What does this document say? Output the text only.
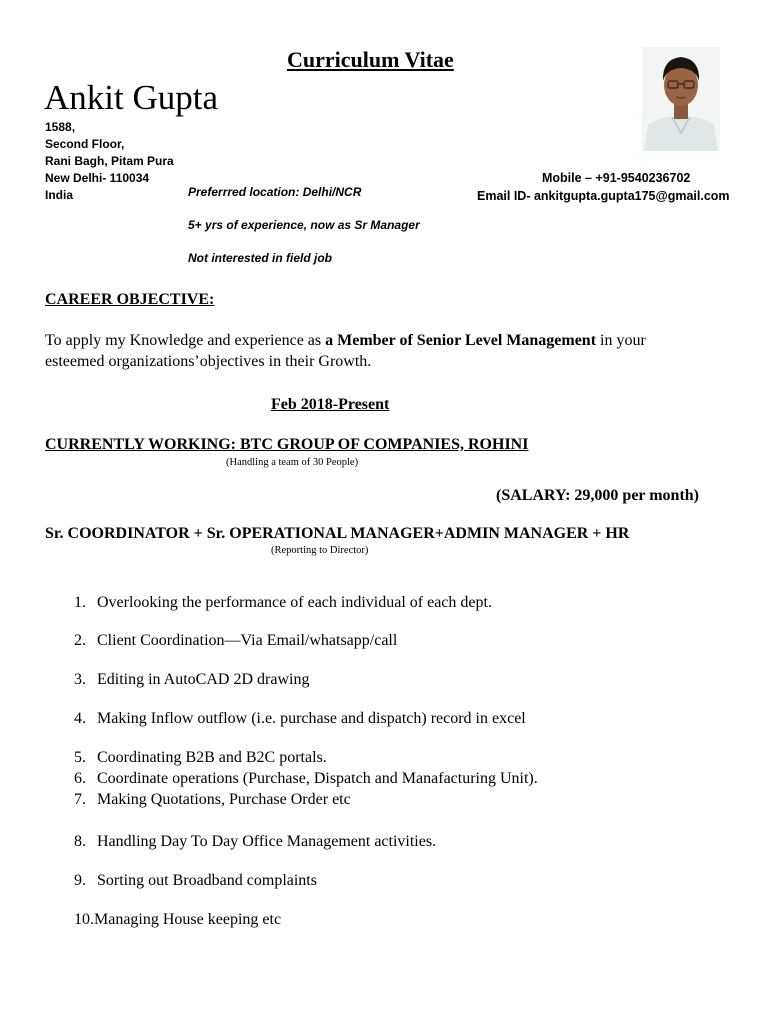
Curriculum Vitae
Ankit Gupta
1588,
Second Floor,
Rani Bagh, Pitam Pura
New Delhi- 110034
India	Preferrred location: Delhi/NCR
5+ yrs of experience, now as Sr Manager
Not interested in field job
Mobile – +91-9540236702
Email ID- ankitgupta.gupta175@gmail.com
CAREER OBJECTIVE:
To apply my Knowledge and experience as a Member of Senior Level Management in your
esteemed organizations’objectives in their Growth.
Feb 2018-Present
CURRENTLY WORKING: BTC GROUP OF COMPANIES, ROHINI
(Handling a team of 30 People)
(SALARY: 29,000 per month)
Sr. COORDINATOR + Sr. OPERATIONAL MANAGER+ADMIN MANAGER + HR
(Reporting to Director)
1. Overlooking the performance of each individual of each dept.
2. Client Coordination—Via Email/whatsapp/call
3. Editing in AutoCAD 2D drawing
4. Making Inflow outflow (i.e. purchase and dispatch) record in excel
5. Coordinating B2B and B2C portals.
6. Coordinate operations (Purchase, Dispatch and Manafacturing Unit).
7. Making Quotations, Purchase Order etc
8. Handling Day To Day Office Management activities.
9. Sorting out Broadband complaints
10.Managing House keeping etc
